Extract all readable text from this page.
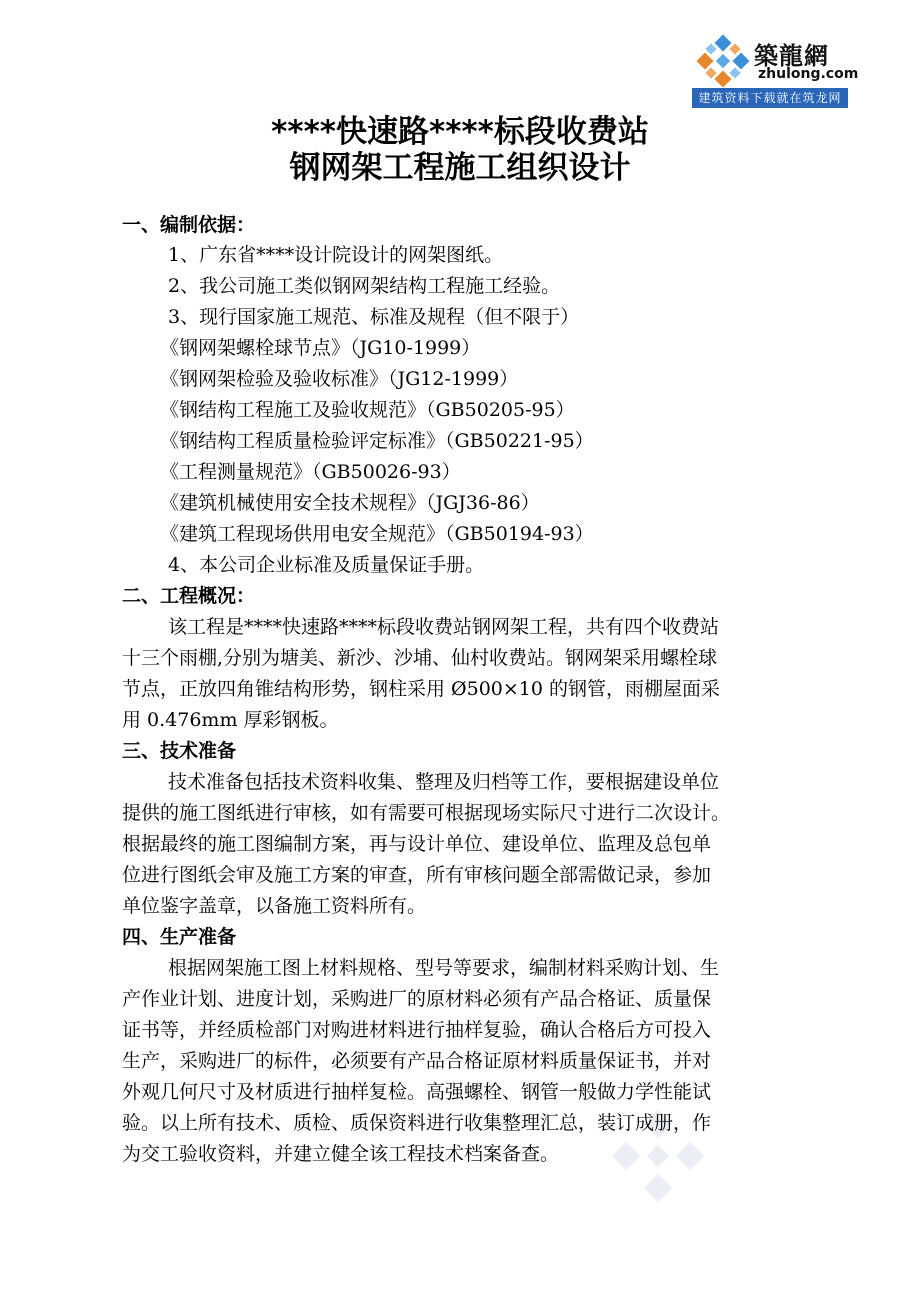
築龍網
zhulong.com
建筑资料下载就在筑龙网
****快速路****标段收费站
钢网架工程施工组织设计
一、编制依据：
1、广东省****设计院设计的网架图纸。
2、我公司施工类似钢网架结构工程施工经验。
3、现行国家施工规范、标准及规程（但不限于）
《钢网架螺栓球节点》（JG10-1999）
《钢网架检验及验收标准》（JG12-1999）
《钢结构工程施工及验收规范》（GB50205-95）
《钢结构工程质量检验评定标准》（GB50221-95）
《工程测量规范》（GB50026-93）
《建筑机械使用安全技术规程》（JGJ36-86）
《建筑工程现场供用电安全规范》（GB50194-93）
4、本公司企业标准及质量保证手册。
二、工程概况：
该工程是****快速路****标段收费站钢网架工程，共有四个收费站
十三个雨棚,分别为塘美、新沙、沙埔、仙村收费站。钢网架采用螺栓球
节点，正放四角锥结构形势，钢柱采用 Ø500×10 的钢管，雨棚屋面采
用 0.476mm 厚彩钢板。
三、技术准备
技术准备包括技术资料收集、整理及归档等工作，要根据建设单位
提供的施工图纸进行审核，如有需要可根据现场实际尺寸进行二次设计。
根据最终的施工图编制方案，再与设计单位、建设单位、监理及总包单
位进行图纸会审及施工方案的审查，所有审核问题全部需做记录，参加
单位鉴字盖章，以备施工资料所有。
四、生产准备
根据网架施工图上材料规格、型号等要求，编制材料采购计划、生
产作业计划、进度计划，采购进厂的原材料必须有产品合格证、质量保
证书等，并经质检部门对购进材料进行抽样复验，确认合格后方可投入
生产，采购进厂的标件，必须要有产品合格证原材料质量保证书，并对
外观几何尺寸及材质进行抽样复检。高强螺栓、钢管一般做力学性能试
验。以上所有技术、质检、质保资料进行收集整理汇总，装订成册，作
为交工验收资料，并建立健全该工程技术档案备查。
